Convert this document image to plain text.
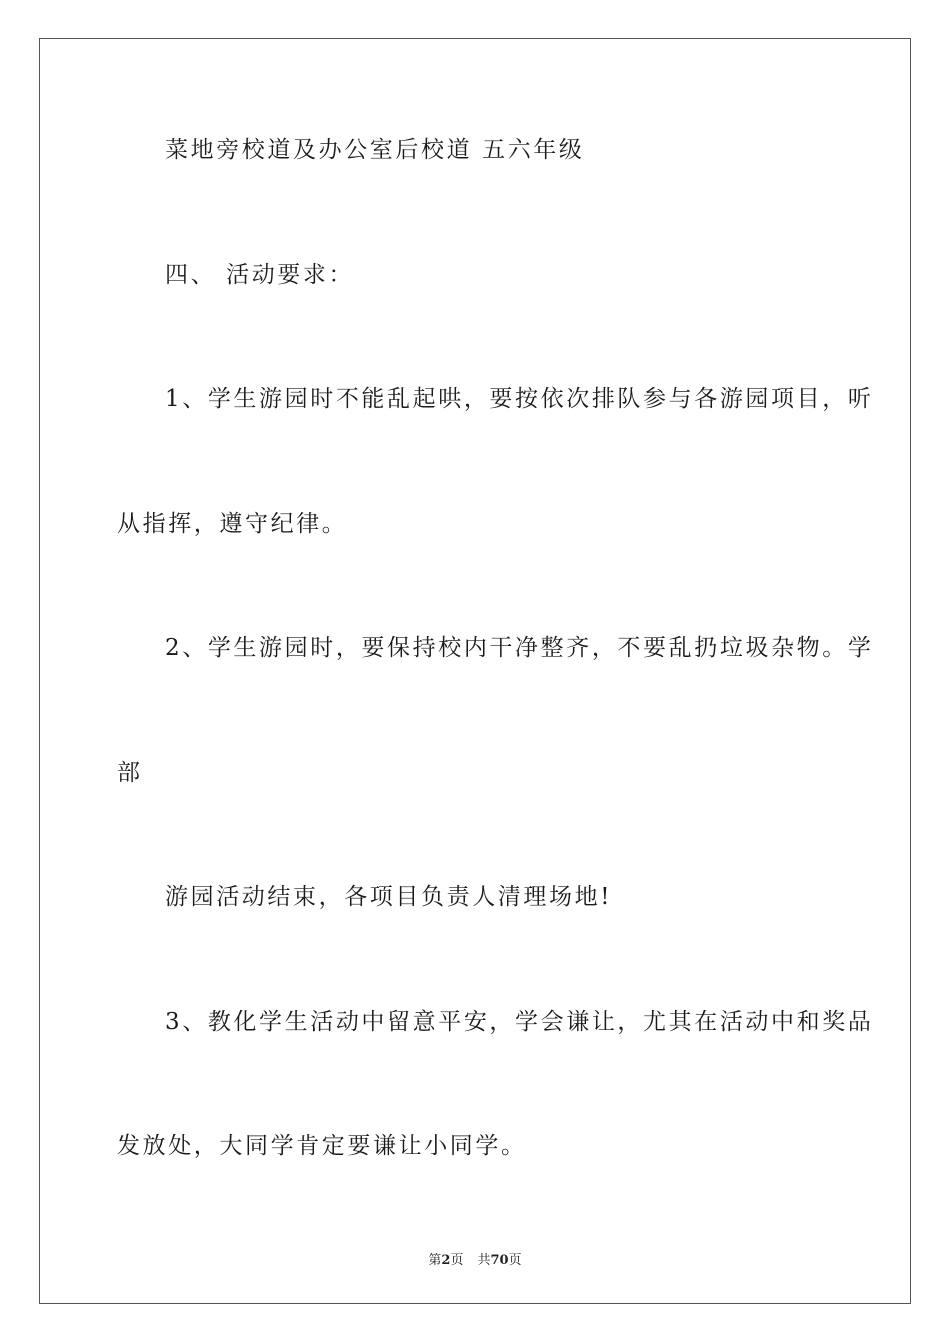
菜地旁校道及办公室后校道 五六年级
四、 活动要求：
1、学生游园时不能乱起哄，要按依次排队参与各游园项目，听
从指挥，遵守纪律。
2、学生游园时，要保持校内干净整齐，不要乱扔垃圾杂物。学
部
游园活动结束，各项目负责人清理场地!
3、教化学生活动中留意平安，学会谦让，尤其在活动中和奖品
发放处，大同学肯定要谦让小同学。
第2页 共70页
